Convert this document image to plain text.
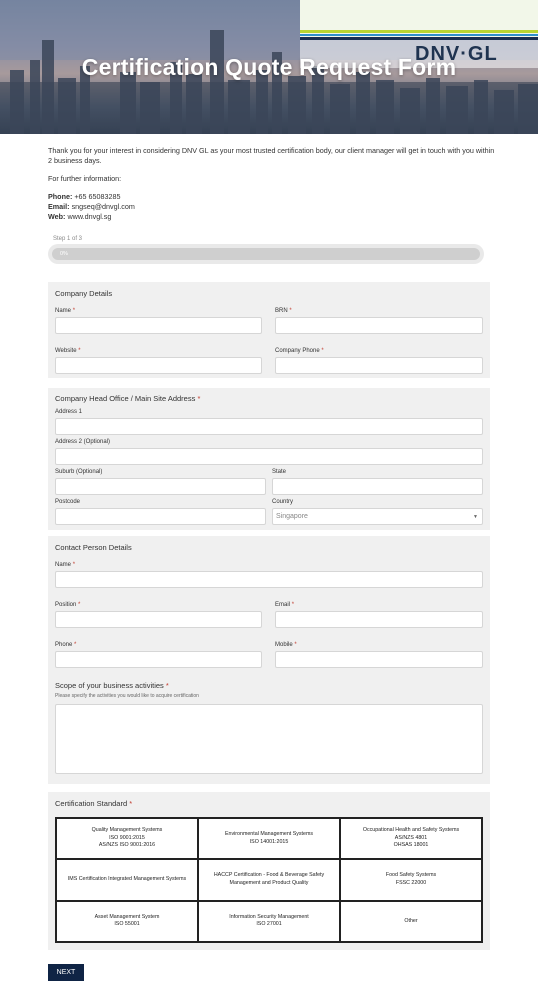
DNV·GL
Certification Quote Request Form

Thank you for your interest in considering DNV GL as your most trusted certification body, our client manager will get in touch with you within 2 business days.

For further information:

Phone: +65 65083285

Email: sngseq@dnvgl.com

Web: www.dnvgl.sg

Step 1 of 3
0%
Company Details
Name *	BRN *
Website *	Company Phone *
Company Head Office / Main Site Address *
Address 1
Address 2 (Optional)
Suburb (Optional)	State
Postcode	Country
Singapore	▼
Contact Person Details
Name *
Position *	Email *
Phone *	Mobile *
Scope of your business activities *
Please specify the activities you would like to acquire certification
Certification Standard *
Quality Management Systems
ISO 9001:2015
AS/NZS ISO 9001:2016
Environmental Management Systems
ISO 14001:2015
Occupational Health and Safety Systems
AS/NZS 4801
OHSAS 18001
IMS Certification Integrated Management Systems
HACCP Certification - Food & Beverage Safety Management and Product Quality
Food Safety Systems
FSSC 22000
Asset Management System
ISO 55001
Information Security Management
ISO 27001
Other
NEXT
